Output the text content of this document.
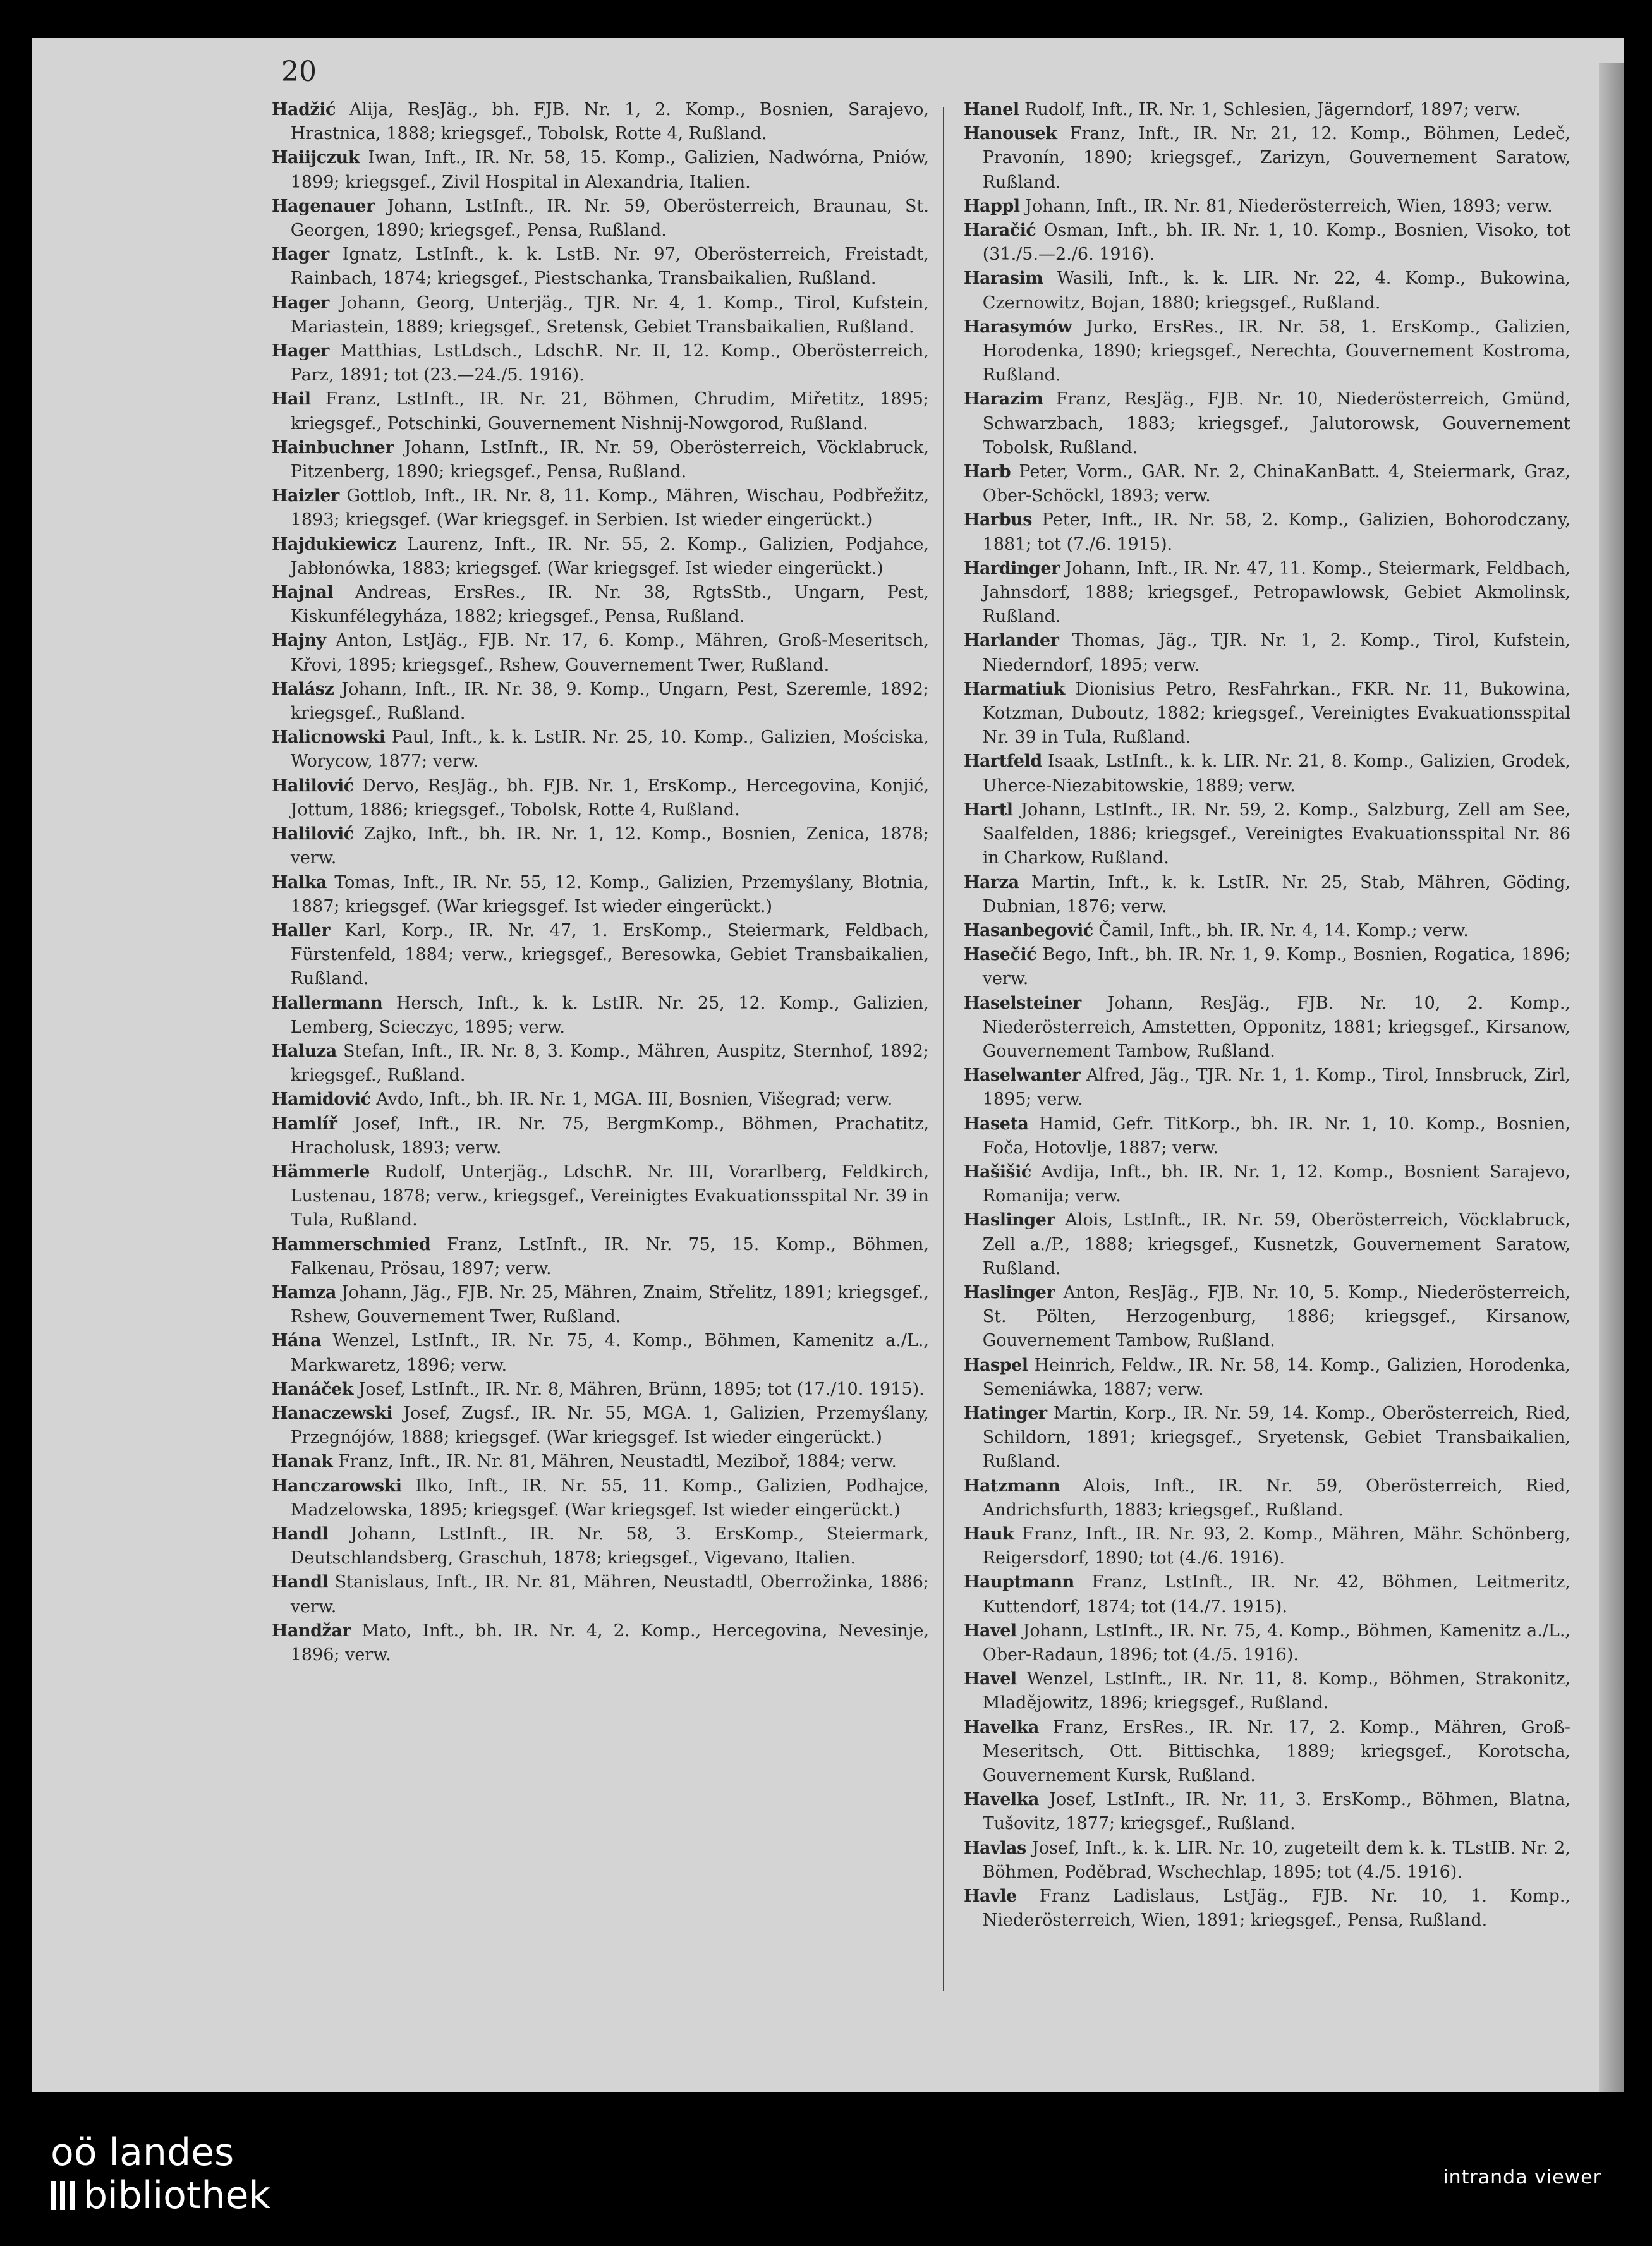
20

Hadžić Alija, ResJäg., bh. FJB. Nr. 1, 2. Komp., Bosnien, Sarajevo, Hrastnica, 1888; kriegsgef., Tobolsk, Rotte 4, Rußland.

Haiijczuk Iwan, Inft., IR. Nr. 58, 15. Komp., Galizien, Nadwórna, Pniów, 1899; kriegsgef., Zivil Hospital in Alexandria, Italien.

Hagenauer Johann, LstInft., IR. Nr. 59, Oberösterreich, Braunau, St. Georgen, 1890; kriegsgef., Pensa, Rußland.

Hager Ignatz, LstInft., k. k. LstB. Nr. 97, Oberösterreich, Freistadt, Rainbach, 1874; kriegsgef., Piestschanka, Transbaikalien, Rußland.

Hager Johann, Georg, Unterjäg., TJR. Nr. 4, 1. Komp., Tirol, Kufstein, Mariastein, 1889; kriegsgef., Sretensk, Gebiet Transbaikalien, Rußland.

Hager Matthias, LstLdsch., LdschR. Nr. II, 12. Komp., Oberösterreich, Parz, 1891; tot (23.—24./5. 1916).

Hail Franz, LstInft., IR. Nr. 21, Böhmen, Chrudim, Miřetitz, 1895; kriegsgef., Potschinki, Gouvernement Nishnij-Nowgorod, Rußland.

Hainbuchner Johann, LstInft., IR. Nr. 59, Oberösterreich, Vöcklabruck, Pitzenberg, 1890; kriegsgef., Pensa, Rußland.

Haizler Gottlob, Inft., IR. Nr. 8, 11. Komp., Mähren, Wischau, Podbřežitz, 1893; kriegsgef. (War kriegsgef. in Serbien. Ist wieder eingerückt.)

Hajdukiewicz Laurenz, Inft., IR. Nr. 55, 2. Komp., Galizien, Podjahce, Jabłonówka, 1883; kriegsgef. (War kriegsgef. Ist wieder eingerückt.)

Hajnal Andreas, ErsRes., IR. Nr. 38, RgtsStb., Ungarn, Pest, Kiskunfélegyháza, 1882; kriegsgef., Pensa, Rußland.

Hajny Anton, LstJäg., FJB. Nr. 17, 6. Komp., Mähren, Groß-Meseritsch, Křovi, 1895; kriegsgef., Rshew, Gouvernement Twer, Rußland.

Halász Johann, Inft., IR. Nr. 38, 9. Komp., Ungarn, Pest, Szeremle, 1892; kriegsgef., Rußland.

Halicnowski Paul, Inft., k. k. LstIR. Nr. 25, 10. Komp., Galizien, Mościska, Worycow, 1877; verw.

Halilović Dervo, ResJäg., bh. FJB. Nr. 1, ErsKomp., Hercegovina, Konjić, Jottum, 1886; kriegsgef., Tobolsk, Rotte 4, Rußland.

Halilović Zajko, Inft., bh. IR. Nr. 1, 12. Komp., Bosnien, Zenica, 1878; verw.

Halka Tomas, Inft., IR. Nr. 55, 12. Komp., Galizien, Przemyślany, Błotnia, 1887; kriegsgef. (War kriegsgef. Ist wieder eingerückt.)

Haller Karl, Korp., IR. Nr. 47, 1. ErsKomp., Steiermark, Feldbach, Fürstenfeld, 1884; verw., kriegsgef., Beresowka, Gebiet Transbaikalien, Rußland.

Hallermann Hersch, Inft., k. k. LstIR. Nr. 25, 12. Komp., Galizien, Lemberg, Scieczyc, 1895; verw.

Haluza Stefan, Inft., IR. Nr. 8, 3. Komp., Mähren, Auspitz, Sternhof, 1892; kriegsgef., Rußland.

Hamidović Avdo, Inft., bh. IR. Nr. 1, MGA. III, Bosnien, Višegrad; verw.

Hamlíř Josef, Inft., IR. Nr. 75, BergmKomp., Böhmen, Prachatitz, Hracholusk, 1893; verw.

Hämmerle Rudolf, Unterjäg., LdschR. Nr. III, Vorarlberg, Feldkirch, Lustenau, 1878; verw., kriegsgef., Vereinigtes Evakuationsspital Nr. 39 in Tula, Rußland.

Hammerschmied Franz, LstInft., IR. Nr. 75, 15. Komp., Böhmen, Falkenau, Prösau, 1897; verw.

Hamza Johann, Jäg., FJB. Nr. 25, Mähren, Znaim, Střelitz, 1891; kriegsgef., Rshew, Gouvernement Twer, Rußland.

Hána Wenzel, LstInft., IR. Nr. 75, 4. Komp., Böhmen, Kamenitz a./L., Markwaretz, 1896; verw.

Hanáček Josef, LstInft., IR. Nr. 8, Mähren, Brünn, 1895; tot (17./10. 1915).

Hanaczewski Josef, Zugsf., IR. Nr. 55, MGA. 1, Galizien, Przemyślany, Przegnójów, 1888; kriegsgef. (War kriegsgef. Ist wieder eingerückt.)

Hanak Franz, Inft., IR. Nr. 81, Mähren, Neustadtl, Meziboř, 1884; verw.

Hanczarowski Ilko, Inft., IR. Nr. 55, 11. Komp., Galizien, Podhajce, Madzelowska, 1895; kriegsgef. (War kriegsgef. Ist wieder eingerückt.)

Handl Johann, LstInft., IR. Nr. 58, 3. ErsKomp., Steiermark, Deutschlandsberg, Graschuh, 1878; kriegsgef., Vigevano, Italien.

Handl Stanislaus, Inft., IR. Nr. 81, Mähren, Neustadtl, Oberrožinka, 1886; verw.

Handžar Mato, Inft., bh. IR. Nr. 4, 2. Komp., Hercegovina, Nevesinje, 1896; verw.

Hanel Rudolf, Inft., IR. Nr. 1, Schlesien, Jägerndorf, 1897; verw.

Hanousek Franz, Inft., IR. Nr. 21, 12. Komp., Böhmen, Ledeč, Pravonín, 1890; kriegsgef., Zarizyn, Gouvernement Saratow, Rußland.

Happl Johann, Inft., IR. Nr. 81, Niederösterreich, Wien, 1893; verw.

Haračić Osman, Inft., bh. IR. Nr. 1, 10. Komp., Bosnien, Visoko, tot (31./5.—2./6. 1916).

Harasim Wasili, Inft., k. k. LIR. Nr. 22, 4. Komp., Bukowina, Czernowitz, Bojan, 1880; kriegsgef., Rußland.

Harasymów Jurko, ErsRes., IR. Nr. 58, 1. ErsKomp., Galizien, Horodenka, 1890; kriegsgef., Nerechta, Gouvernement Kostroma, Rußland.

Harazim Franz, ResJäg., FJB. Nr. 10, Niederösterreich, Gmünd, Schwarzbach, 1883; kriegsgef., Jalutorowsk, Gouvernement Tobolsk, Rußland.

Harb Peter, Vorm., GAR. Nr. 2, ChinaKanBatt. 4, Steiermark, Graz, Ober-Schöckl, 1893; verw.

Harbus Peter, Inft., IR. Nr. 58, 2. Komp., Galizien, Bohorodczany, 1881; tot (7./6. 1915).

Hardinger Johann, Inft., IR. Nr. 47, 11. Komp., Steiermark, Feldbach, Jahnsdorf, 1888; kriegsgef., Petropawlowsk, Gebiet Akmolinsk, Rußland.

Harlander Thomas, Jäg., TJR. Nr. 1, 2. Komp., Tirol, Kufstein, Niederndorf, 1895; verw.

Harmatiuk Dionisius Petro, ResFahrkan., FKR. Nr. 11, Bukowina, Kotzman, Duboutz, 1882; kriegsgef., Vereinigtes Evakuationsspital Nr. 39 in Tula, Rußland.

Hartfeld Isaak, LstInft., k. k. LIR. Nr. 21, 8. Komp., Galizien, Grodek, Uherce-Niezabitowskie, 1889; verw.

Hartl Johann, LstInft., IR. Nr. 59, 2. Komp., Salzburg, Zell am See, Saalfelden, 1886; kriegsgef., Vereinigtes Evakuationsspital Nr. 86 in Charkow, Rußland.

Harza Martin, Inft., k. k. LstIR. Nr. 25, Stab, Mähren, Göding, Dubnian, 1876; verw.

Hasanbegović Čamil, Inft., bh. IR. Nr. 4, 14. Komp.; verw.

Hasečić Bego, Inft., bh. IR. Nr. 1, 9. Komp., Bosnien, Rogatica, 1896; verw.

Haselsteiner Johann, ResJäg., FJB. Nr. 10, 2. Komp., Niederösterreich, Amstetten, Opponitz, 1881; kriegsgef., Kirsanow, Gouvernement Tambow, Rußland.

Haselwanter Alfred, Jäg., TJR. Nr. 1, 1. Komp., Tirol, Innsbruck, Zirl, 1895; verw.

Haseta Hamid, Gefr. TitKorp., bh. IR. Nr. 1, 10. Komp., Bosnien, Foča, Hotovlje, 1887; verw.

Hašišić Avdija, Inft., bh. IR. Nr. 1, 12. Komp., Bosnient Sarajevo, Romanija; verw.

Haslinger Alois, LstInft., IR. Nr. 59, Oberösterreich, Vöcklabruck, Zell a./P., 1888; kriegsgef., Kusnetzk, Gouvernement Saratow, Rußland.

Haslinger Anton, ResJäg., FJB. Nr. 10, 5. Komp., Niederösterreich, St. Pölten, Herzogenburg, 1886; kriegsgef., Kirsanow, Gouvernement Tambow, Rußland.

Haspel Heinrich, Feldw., IR. Nr. 58, 14. Komp., Galizien, Horodenka, Semeniáwka, 1887; verw.

Hatinger Martin, Korp., IR. Nr. 59, 14. Komp., Oberösterreich, Ried, Schildorn, 1891; kriegsgef., Sryetensk, Gebiet Transbaikalien, Rußland.

Hatzmann Alois, Inft., IR. Nr. 59, Oberösterreich, Ried, Andrichsfurth, 1883; kriegsgef., Rußland.

Hauk Franz, Inft., IR. Nr. 93, 2. Komp., Mähren, Mähr. Schönberg, Reigersdorf, 1890; tot (4./6. 1916).

Hauptmann Franz, LstInft., IR. Nr. 42, Böhmen, Leitmeritz, Kuttendorf, 1874; tot (14./7. 1915).

Havel Johann, LstInft., IR. Nr. 75, 4. Komp., Böhmen, Kamenitz a./L., Ober-Radaun, 1896; tot (4./5. 1916).

Havel Wenzel, LstInft., IR. Nr. 11, 8. Komp., Böhmen, Strakonitz, Mladějowitz, 1896; kriegsgef., Rußland.

Havelka Franz, ErsRes., IR. Nr. 17, 2. Komp., Mähren, Groß-Meseritsch, Ott. Bittischka, 1889; kriegsgef., Korotscha, Gouvernement Kursk, Rußland.

Havelka Josef, LstInft., IR. Nr. 11, 3. ErsKomp., Böhmen, Blatna, Tušovitz, 1877; kriegsgef., Rußland.

Havlas Josef, Inft., k. k. LIR. Nr. 10, zugeteilt dem k. k. TLstIB. Nr. 2, Böhmen, Poděbrad, Wschechlap, 1895; tot (4./5. 1916).

Havle Franz Ladislaus, LstJäg., FJB. Nr. 10, 1. Komp., Niederösterreich, Wien, 1891; kriegsgef., Pensa, Rußland.

oö landes
bibliothek	intranda viewer
